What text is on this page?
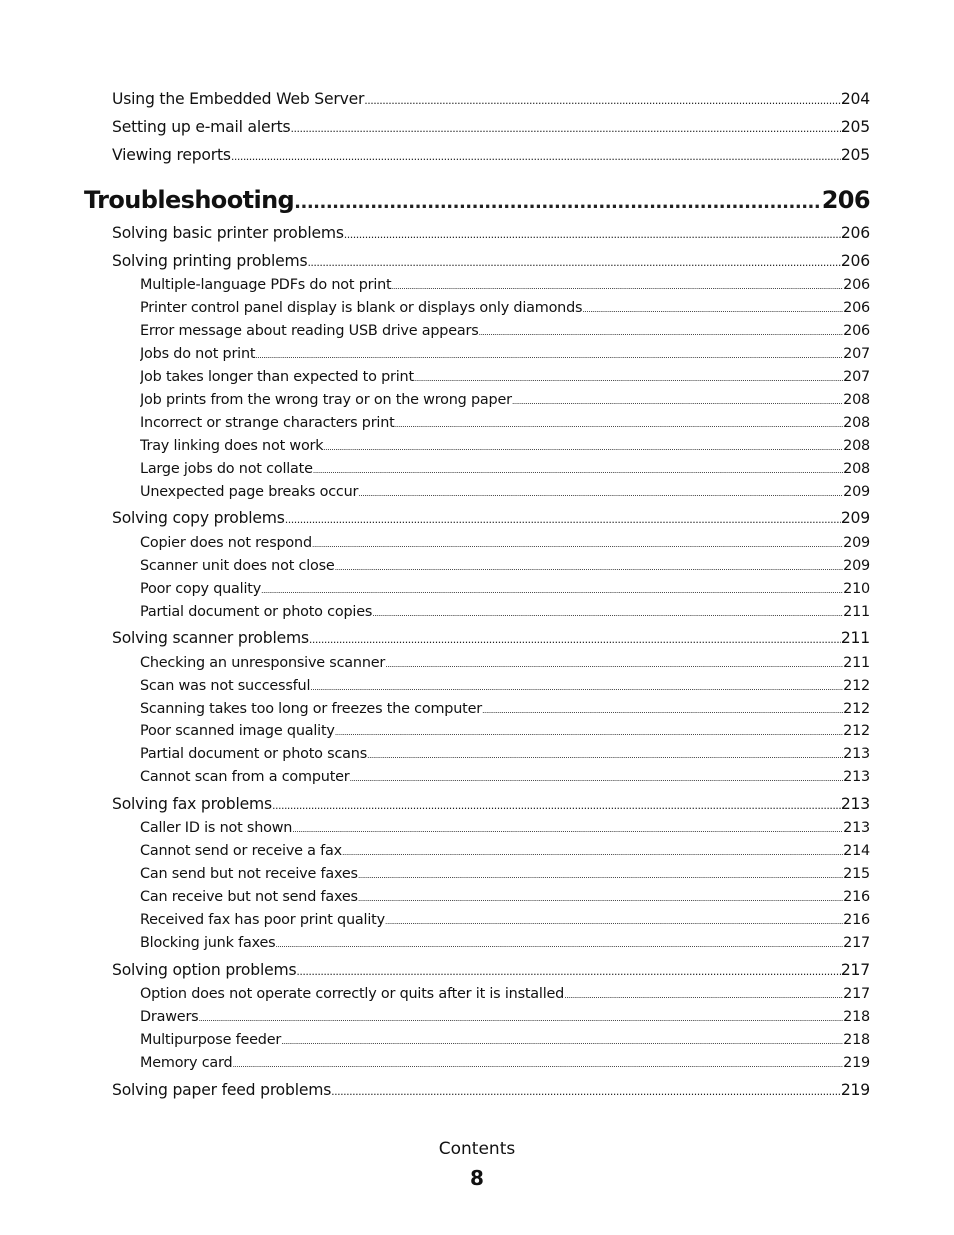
Using the Embedded Web Server .....	204
Setting up e-mail alerts .....	205
Viewing reports .....	205
Troubleshooting .....	206
Solving basic printer problems .....	206
Solving printing problems .....	206
Multiple-language PDFs do not print .....	206
Printer control panel display is blank or displays only diamonds .....	206
Error message about reading USB drive appears .....	206
Jobs do not print .....	207
Job takes longer than expected to print .....	207
Job prints from the wrong tray or on the wrong paper .....	208
Incorrect or strange characters print .....	208
Tray linking does not work .....	208
Large jobs do not collate .....	208
Unexpected page breaks occur .....	209
Solving copy problems .....	209
Copier does not respond .....	209
Scanner unit does not close .....	209
Poor copy quality .....	210
Partial document or photo copies .....	211
Solving scanner problems .....	211
Checking an unresponsive scanner .....	211
Scan was not successful .....	212
Scanning takes too long or freezes the computer .....	212
Poor scanned image quality .....	212
Partial document or photo scans .....	213
Cannot scan from a computer .....	213
Solving fax problems .....	213
Caller ID is not shown .....	213
Cannot send or receive a fax .....	214
Can send but not receive faxes .....	215
Can receive but not send faxes .....	216
Received fax has poor print quality .....	216
Blocking junk faxes .....	217
Solving option problems .....	217
Option does not operate correctly or quits after it is installed .....	217
Drawers .....	218
Multipurpose feeder .....	218
Memory card .....	219
Solving paper feed problems .....	219
Contents
8
